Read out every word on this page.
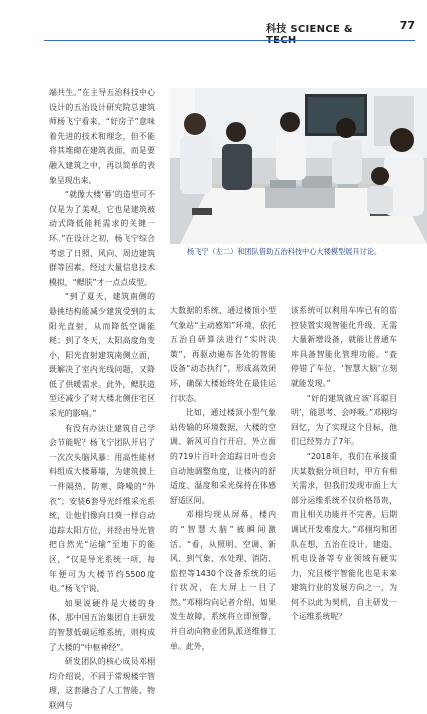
科技 SCIENCE &	77
杨飞宁（左二）和团队借助五治科技中心大楼模型展开讨论。

端共生。”在主导五治科技中心设计的五治设计研究院总建筑师杨飞宁看来，“好房子”意味着先进的技术和理念，但不能将其堆砌在建筑表面，而是要融入建筑之中，再以简单的表象呈现出来。

“就像大楼‘幕’的造型可不仅是为了美观，它也是建筑被动式降低能耗需求的关键一环。”在设计之初，杨飞宁综合考虑了日照、风向、周边建筑群等因素，经过大量信息技术模拟，“鳃肤”才一点点成型。

“到了夏天，建筑南侧的悬挑结构能减少建筑受到的太阳光直射，从而降低空调能耗；到了冬天，太阳高度角变小，阳光直射建筑南侧立面，既解决了室内光线问题，又降低了供暖需求。此外，鳃肤造型还减少了对大楼北侧住宅区采光的影响。”

有没有办法让建筑自己学会节能呢？杨飞宁团队开启了一次次头脑风暴：用高性能材料组成大楼幕墙，为建筑披上一件隔热、防寒、降噪的“外衣”；安装6套导光纤维采光系统，让他们像向日葵一样自动追踪太阳方位，并经由导光管把自然光“运输”至地下的能区，“仅是导光系统一项，每年便可为大楼节约5500度电。”杨飞宁说。

如果说硬件是大楼的身体，那中国五治集团自主研发的智慧低碳运维系统，则构成了大楼的“中枢神经”。

研发团队的核心成员邓栩均介绍说，不同于常规楼宇管理，这套融合了人工智能、物联网与

大数据的系统，通过楼顶小型气象站“主动感知”环境，依托五治自研算法进行“实时决策”，再驱动遍布各处的智能设备“动态执行”，形成高效闭环，确保大楼始终处在最佳运行状态。

比如，通过楼顶小型气象站传输的环境数据，大楼的空调、新风可自行开启，外立面的719片百叶会追踪日叶也会自动地调整角度，让楼内的舒适度、温度和采光保持在体感舒适区间。

邓栩均现从屏幕，楼内的“智慧大脑”被瞬间激活。“看，从照明、空调、新风、到气象、水处理、消防、监控等1430个设备系统的运行状况，在大屏上一目了然。”邓栩均向记者介绍，如果发生故障，系统将立即预警，并自动向物业团队派送维修工单。此外，

该系统可以利用车库已有的监控装置实现智能化升级，无需大量新增设备，就能让普通车库具备智能化管理功能。“查停错了车位，‘智慧大脑’立刻就能发现。”

“好的建筑就应该‘耳聪目明’，能思考、会呼吸。”邓栩均回忆，为了实现这个目标，他们已经努力了7年。

“2018年，我们在承接重庆某数据分项目时，甲方有相关需求，但我们发现市面上大部分运维系统不仅价格昂贵，而且相关功能并不完善，后期调试开发难度大。”邓栩均和团队在想，五治在设计、建造、机电设备等专业领域有硬实力，究且楼宇智能化也是未来建筑行业的发展方向之一，为何不以此为契机，自主研发一个运维系统呢？
